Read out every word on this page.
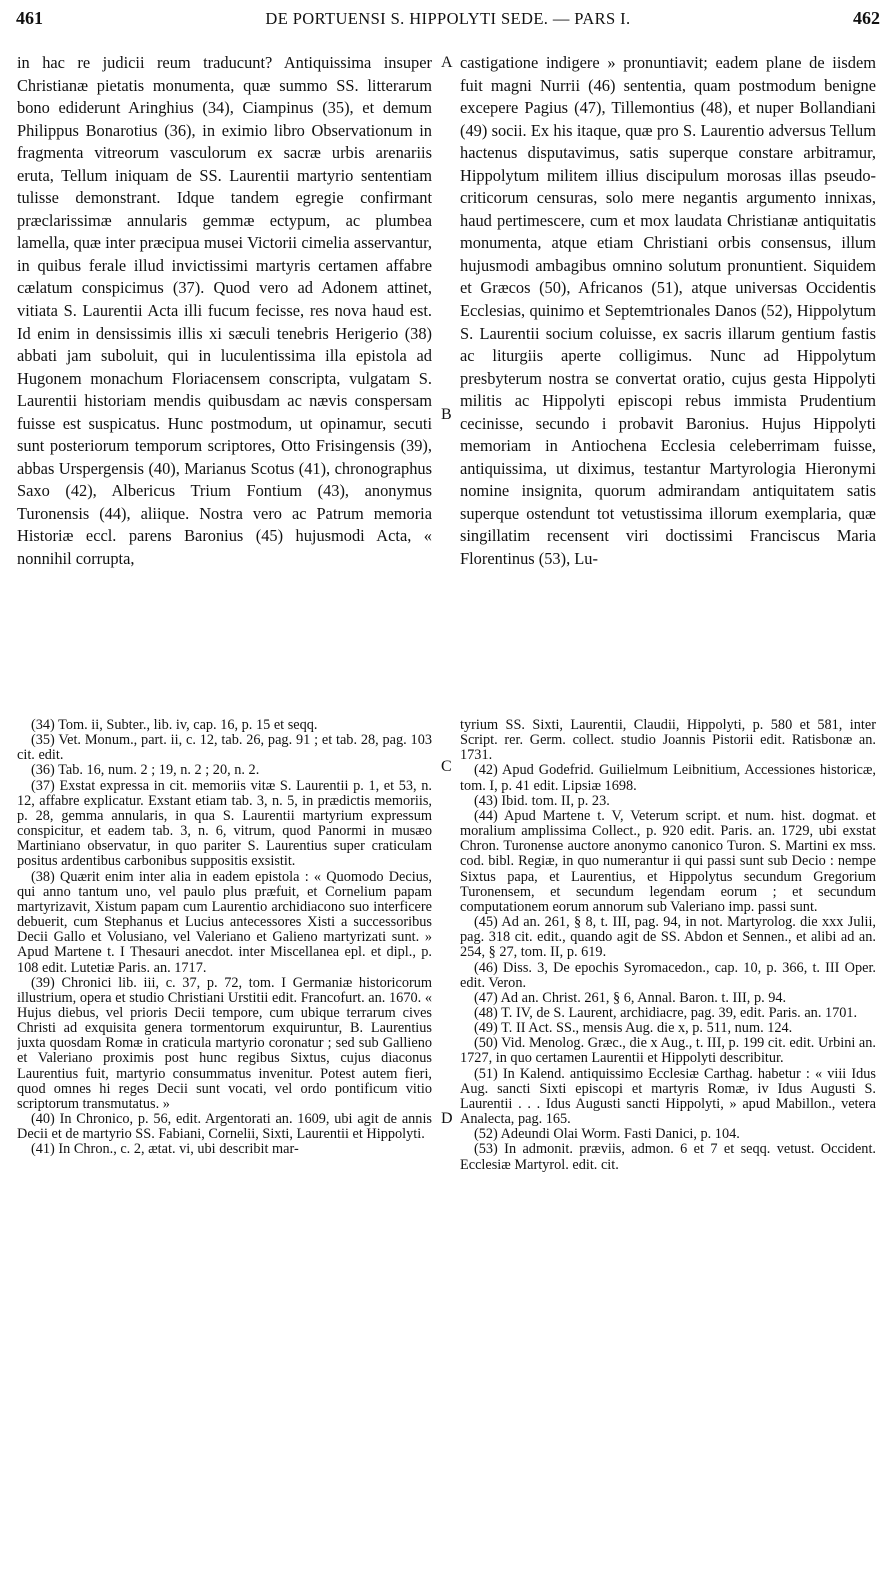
461	DE PORTUENSI S. HIPPOLYTI SEDE. — PARS I.	462
A
B
C
D
in hac re judicii reum traducunt? Antiquissima insuper Christianæ pietatis monumenta, quæ summo SS. litterarum bono ediderunt Aringhius (34), Ciampinus (35), et demum Philippus Bonarotius (36), in eximio libro Observationum in fragmenta vitreorum vasculorum ex sacræ urbis arenariis eruta, Tellum iniquam de SS. Laurentii martyrio sententiam tulisse demonstrant. Idque tandem egregie confirmant præclarissimæ annularis gemmæ ectypum, ac plumbea lamella, quæ inter præcipua musei Victorii cimelia asservantur, in quibus ferale illud invictissimi martyris certamen affabre cælatum conspicimus (37). Quod vero ad Adonem attinet, vitiata S. Laurentii Acta illi fucum fecisse, res nova haud est. Id enim in densissimis illis xi sæculi tenebris Herigerio (38) abbati jam suboluit, qui in luculentissima illa epistola ad Hugonem monachum Floriacensem conscripta, vulgatam S. Laurentii historiam mendis quibusdam ac nævis conspersam fuisse est suspicatus. Hunc postmodum, ut opinamur, secuti sunt posteriorum temporum scriptores, Otto Frisingensis (39), abbas Urspergensis (40), Marianus Scotus (41), chronographus Saxo (42), Albericus Trium Fontium (43), anonymus Turonensis (44), aliique. Nostra vero ac Patrum memoria Historiæ eccl. parens Baronius (45) hujusmodi Acta, « nonnihil corrupta,
castigatione indigere » pronuntiavit; eadem plane de iisdem fuit magni Nurrii (46) sententia, quam postmodum benigne excepere Pagius (47), Tillemontius (48), et nuper Bollandiani (49) socii. Ex his itaque, quæ pro S. Laurentio adversus Tellum hactenus disputavimus, satis superque constare arbitramur, Hippolytum militem illius discipulum morosas illas pseudo-criticorum censuras, solo mere negantis argumento innixas, haud pertimescere, cum et mox laudata Christianæ antiquitatis monumenta, atque etiam Christiani orbis consensus, illum hujusmodi ambagibus omnino solutum pronuntient. Siquidem et Græcos (50), Africanos (51), atque universas Occidentis Ecclesias, quinimo et Septemtrionales Danos (52), Hippolytum S. Laurentii socium coluisse, ex sacris illarum gentium fastis ac liturgiis aperte colligimus. Nunc ad Hippolytum presbyterum nostra se convertat oratio, cujus gesta Hippolyti militis ac Hippolyti episcopi rebus immista Prudentium cecinisse, secundo i probavit Baronius. Hujus Hippolyti memoriam in Antiochena Ecclesia celeberrimam fuisse, antiquissima, ut diximus, testantur Martyrologia Hieronymi nomine insignita, quorum admirandam antiquitatem satis superque ostendunt tot vetustissima illorum exemplaria, quæ singillatim recensent viri doctissimi Franciscus Maria Florentinus (53), Lu-

(34) Tom. ii, Subter., lib. iv, cap. 16, p. 15 et seqq.

(35) Vet. Monum., part. ii, c. 12, tab. 26, pag. 91 ; et tab. 28, pag. 103 cit. edit.

(36) Tab. 16, num. 2 ; 19, n. 2 ; 20, n. 2.

(37) Exstat expressa in cit. memoriis vitæ S. Laurentii p. 1, et 53, n. 12, affabre explicatur. Exstant etiam tab. 3, n. 5, in prædictis memoriis, p. 28, gemma annularis, in qua S. Laurentii martyrium expressum conspicitur, et eadem tab. 3, n. 6, vitrum, quod Panormi in musæo Martiniano observatur, in quo pariter S. Laurentius super craticulam positus ardentibus carbonibus suppositis exsistit.

(38) Quærit enim inter alia in eadem epistola : « Quomodo Decius, qui anno tantum uno, vel paulo plus præfuit, et Cornelium papam martyrizavit, Xistum papam cum Laurentio archidiacono suo interficere debuerit, cum Stephanus et Lucius antecessores Xisti a successoribus Decii Gallo et Volusiano, vel Valeriano et Galieno martyrizati sunt. » Apud Martene t. I Thesauri anecdot. inter Miscellanea epl. et dipl., p. 108 edit. Lutetiæ Paris. an. 1717.

(39) Chronici lib. iii, c. 37, p. 72, tom. I Germaniæ historicorum illustrium, opera et studio Christiani Urstitii edit. Francofurt. an. 1670. « Hujus diebus, vel prioris Decii tempore, cum ubique terrarum cives Christi ad exquisita genera tormentorum exquiruntur, B. Laurentius juxta quosdam Romæ in craticula martyrio coronatur ; sed sub Gallieno et Valeriano proximis post hunc regibus Sixtus, cujus diaconus Laurentius fuit, martyrio consummatus invenitur. Potest autem fieri, quod omnes hi reges Decii sunt vocati, vel ordo pontificum vitio scriptorum transmutatus. »

(40) In Chronico, p. 56, edit. Argentorati an. 1609, ubi agit de annis Decii et de martyrio SS. Fabiani, Cornelii, Sixti, Laurentii et Hippolyti.

(41) In Chron., c. 2, ætat. vi, ubi describit mar-

tyrium SS. Sixti, Laurentii, Claudii, Hippolyti, p. 580 et 581, inter Script. rer. Germ. collect. studio Joannis Pistorii edit. Ratisbonæ an. 1731.

(42) Apud Godefrid. Guilielmum Leibnitium, Accessiones historicæ, tom. I, p. 41 edit. Lipsiæ 1698.

(43) Ibid. tom. II, p. 23.

(44) Apud Martene t. V, Veterum script. et num. hist. dogmat. et moralium amplissima Collect., p. 920 edit. Paris. an. 1729, ubi exstat Chron. Turonense auctore anonymo canonico Turon. S. Martini ex mss. cod. bibl. Regiæ, in quo numerantur ii qui passi sunt sub Decio : nempe Sixtus papa, et Laurentius, et Hippolytus secundum Gregorium Turonensem, et secundum legendam eorum ; et secundum computationem eorum annorum sub Valeriano imp. passi sunt.

(45) Ad an. 261, § 8, t. III, pag. 94, in not. Martyrolog. die xxx Julii, pag. 318 cit. edit., quando agit de SS. Abdon et Sennen., et alibi ad an. 254, § 27, tom. II, p. 619.

(46) Diss. 3, De epochis Syromacedon., cap. 10, p. 366, t. III Oper. edit. Veron.

(47) Ad an. Christ. 261, § 6, Annal. Baron. t. III, p. 94.

(48) T. IV, de S. Laurent, archidiacre, pag. 39, edit. Paris. an. 1701.

(49) T. II Act. SS., mensis Aug. die x, p. 511, num. 124.

(50) Vid. Menolog. Græc., die x Aug., t. III, p. 199 cit. edit. Urbini an. 1727, in quo certamen Laurentii et Hippolyti describitur.

(51) In Kalend. antiquissimo Ecclesiæ Carthag. habetur : « viii Idus Aug. sancti Sixti episcopi et martyris Romæ, iv Idus Augusti S. Laurentii . . . Idus Augusti sancti Hippolyti, » apud Mabillon., vetera Analecta, pag. 165.

(52) Adeundi Olai Worm. Fasti Danici, p. 104.

(53) In admonit. præviis, admon. 6 et 7 et seqq. vetust. Occident. Ecclesiæ Martyrol. edit. cit.
